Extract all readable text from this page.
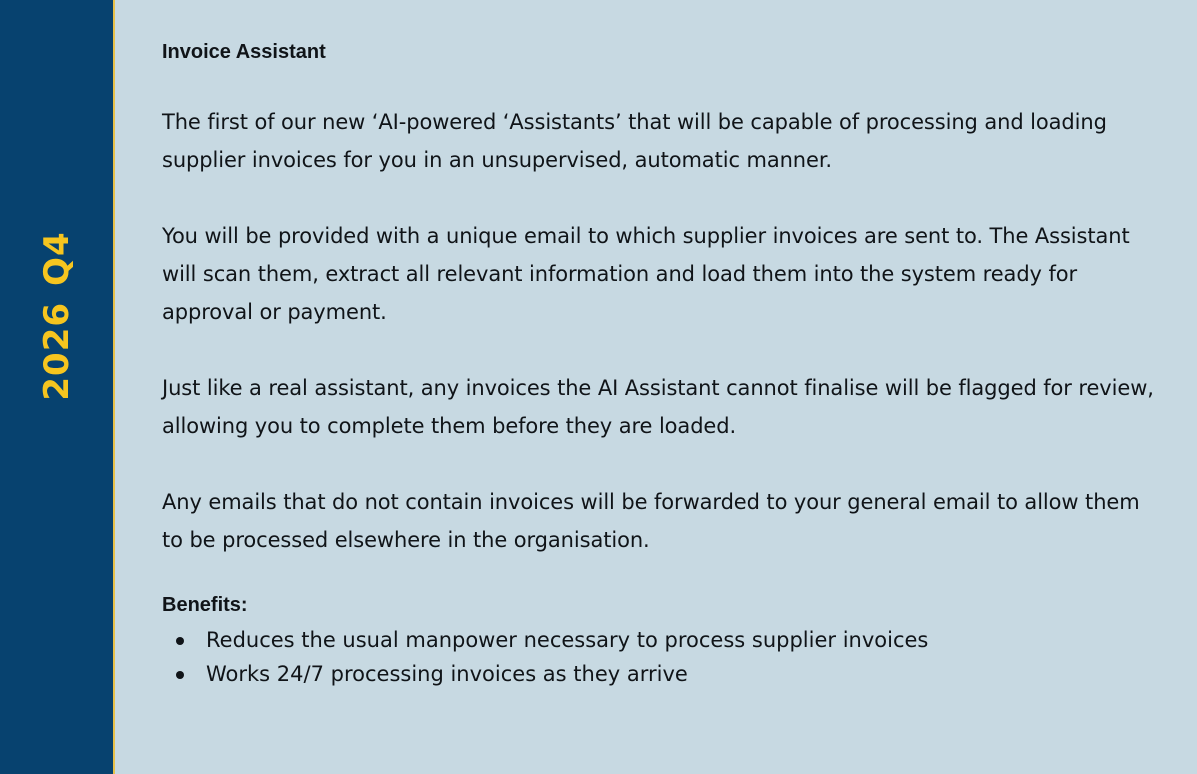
2026Q4
Invoice Assistant

The first of our new ‘AI-powered ‘Assistants’ that will be capable of processing and loading supplier invoices for you in an unsupervised, automatic manner.

You will be provided with a unique email to which supplier invoices are sent to. The Assistant will scan them, extract all relevant information and load them into the system ready for approval or payment.

Just like a real assistant, any invoices the AI Assistant cannot finalise will be flagged for review, allowing you to complete them before they are loaded.

Any emails that do not contain invoices will be forwarded to your general email to allow them to be processed elsewhere in the organisation.

Benefits:
Reduces the usual manpower necessary to process supplier invoices
Works 24/7 processing invoices as they arrive
